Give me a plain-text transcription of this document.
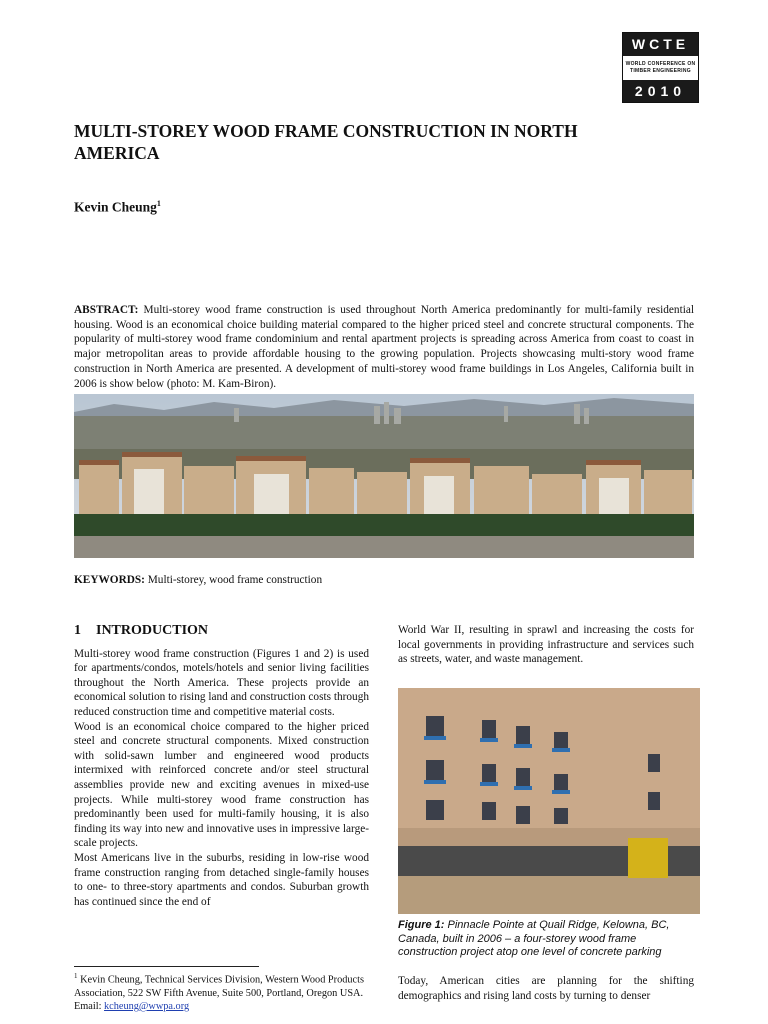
WCTE
WORLD CONFERENCE ON TIMBER ENGINEERING
2010
MULTI-STOREY WOOD FRAME CONSTRUCTION IN NORTH AMERICA
Kevin Cheung$^1$
ABSTRACT: Multi-storey wood frame construction is used throughout North America predominantly for multi-family residential housing. Wood is an economical choice building material compared to the higher priced steel and concrete structural components. The popularity of multi-storey wood frame condominium and rental apartment projects is spreading across America from coast to coast in major metropolitan areas to provide affordable housing to the growing population. Projects showcasing multi-story wood frame construction in North America are presented. A development of multi-storey wood frame buildings in Los Angeles, California built in 2006 is show below (photo: M. Kam-Biron).
KEYWORDS: Multi-storey, wood frame construction
1 INTRODUCTION

Multi-storey wood frame construction (Figures 1 and 2) is used for apartments/condos, motels/hotels and senior living facilities throughout the North America. These projects provide an economical solution to rising land and construction costs through reduced construction time and competitive material costs.

Wood is an economical choice compared to the higher priced steel and concrete structural components. Mixed construction with solid-sawn lumber and engineered wood products intermixed with reinforced concrete and/or steel structural assemblies provide new and exciting avenues in mixed-use projects. While multi-storey wood frame construction has predominantly been used for multi-family housing, it is also finding its way into new and innovative uses in impressive large-scale projects.

Most Americans live in the suburbs, residing in low-rise wood frame construction ranging from detached single-family houses to one- to three-story apartments and condos. Suburban growth has continued since the end of

World War II, resulting in sprawl and increasing the costs for local governments in providing infrastructure and services such as streets, water, and waste management.
Figure 1: Pinnacle Pointe at Quail Ridge, Kelowna, BC, Canada, built in 2006 – a four-storey wood frame construction project atop one level of concrete parking
Today, American cities are planning for the shifting demographics and rising land costs by turning to denser
$^1$ Kevin Cheung, Technical Services Division, Western Wood Products Association, 522 SW Fifth Avenue, Suite 500, Portland, Oregon USA. Email: kcheung@wwpa.org
